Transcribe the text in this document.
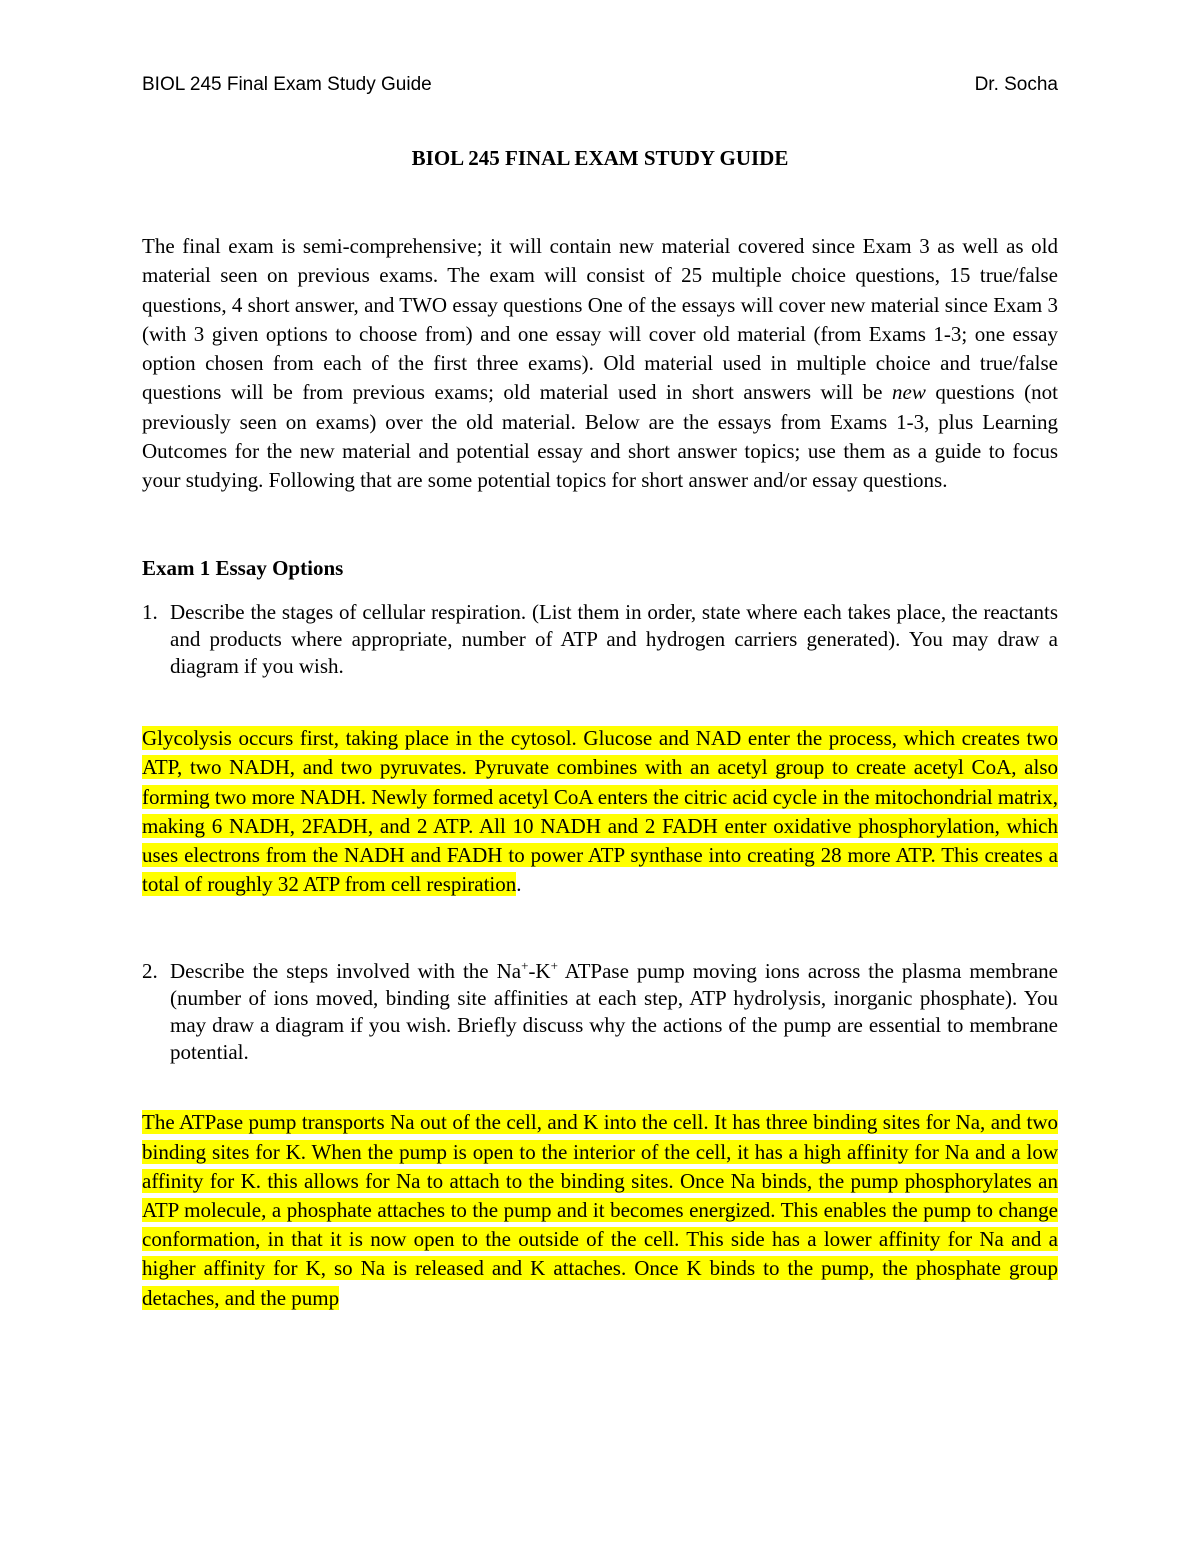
BIOL 245 Final Exam Study Guide	Dr. Socha

BIOL 245 FINAL EXAM STUDY GUIDE

The final exam is semi-comprehensive; it will contain new material covered since Exam 3 as well as old material seen on previous exams. The exam will consist of 25 multiple choice questions, 15 true/false questions, 4 short answer, and TWO essay questions One of the essays will cover new material since Exam 3 (with 3 given options to choose from) and one essay will cover old material (from Exams 1-3; one essay option chosen from each of the first three exams). Old material used in multiple choice and true/false questions will be from previous exams; old material used in short answers will be new questions (not previously seen on exams) over the old material. Below are the essays from Exams 1-3, plus Learning Outcomes for the new material and potential essay and short answer topics; use them as a guide to focus your studying. Following that are some potential topics for short answer and/or essay questions.

Exam 1 Essay Options

1. Describe the stages of cellular respiration. (List them in order, state where each takes place, the reactants and products where appropriate, number of ATP and hydrogen carriers generated). You may draw a diagram if you wish.

Glycolysis occurs first, taking place in the cytosol. Glucose and NAD enter the process, which creates two ATP, two NADH, and two pyruvates. Pyruvate combines with an acetyl group to create acetyl CoA, also forming two more NADH. Newly formed acetyl CoA enters the citric acid cycle in the mitochondrial matrix, making 6 NADH, 2FADH, and 2 ATP. All 10 NADH and 2 FADH enter oxidative phosphorylation, which uses electrons from the NADH and FADH to power ATP synthase into creating 28 more ATP. This creates a total of roughly 32 ATP from cell respiration.

2. Describe the steps involved with the Na+-K+ ATPase pump moving ions across the plasma membrane (number of ions moved, binding site affinities at each step, ATP hydrolysis, inorganic phosphate). You may draw a diagram if you wish. Briefly discuss why the actions of the pump are essential to membrane potential.

The ATPase pump transports Na out of the cell, and K into the cell. It has three binding sites for Na, and two binding sites for K. When the pump is open to the interior of the cell, it has a high affinity for Na and a low affinity for K. this allows for Na to attach to the binding sites. Once Na binds, the pump phosphorylates an ATP molecule, a phosphate attaches to the pump and it becomes energized. This enables the pump to change conformation, in that it is now open to the outside of the cell. This side has a lower affinity for Na and a higher affinity for K, so Na is released and K attaches. Once K binds to the pump, the phosphate group detaches, and the pump
